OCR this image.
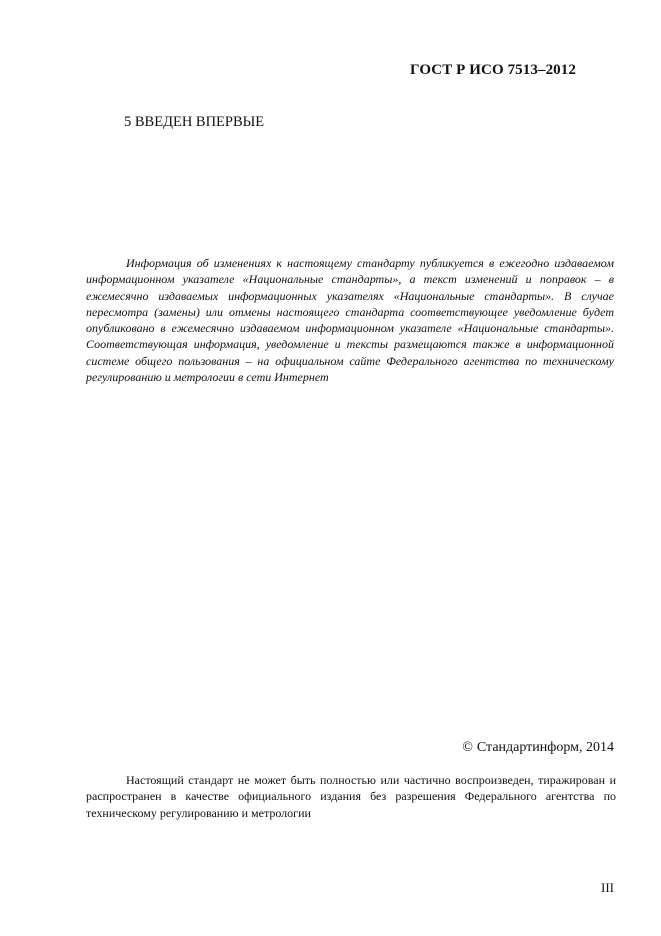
ГОСТ Р ИСО 7513–2012
5 ВВЕДЕН ВПЕРВЫЕ

Информация об изменениях к настоящему стандарту публикуется в ежегодно издаваемом информационном указателе «Национальные стандарты», а текст изменений и поправок – в ежемесячно издаваемых информационных указателях «Национальные стандарты». В случае пересмотра (замены) или отмены настоящего стандарта соответствующее уведомление будет опубликовано в ежемесячно издаваемом информационном указателе «Национальные стандарты». Соответствующая информация, уведомление и тексты размещаются также в информационной системе общего пользования – на официальном сайте Федерального агентства по техническому регулированию и метрологии в сети Интернет

© Стандартинформ, 2014

Настоящий стандарт не может быть полностью или частично воспроизведен, тиражирован и распространен в качестве официального издания без разрешения Федерального агентства по техническому регулированию и метрологии

III
